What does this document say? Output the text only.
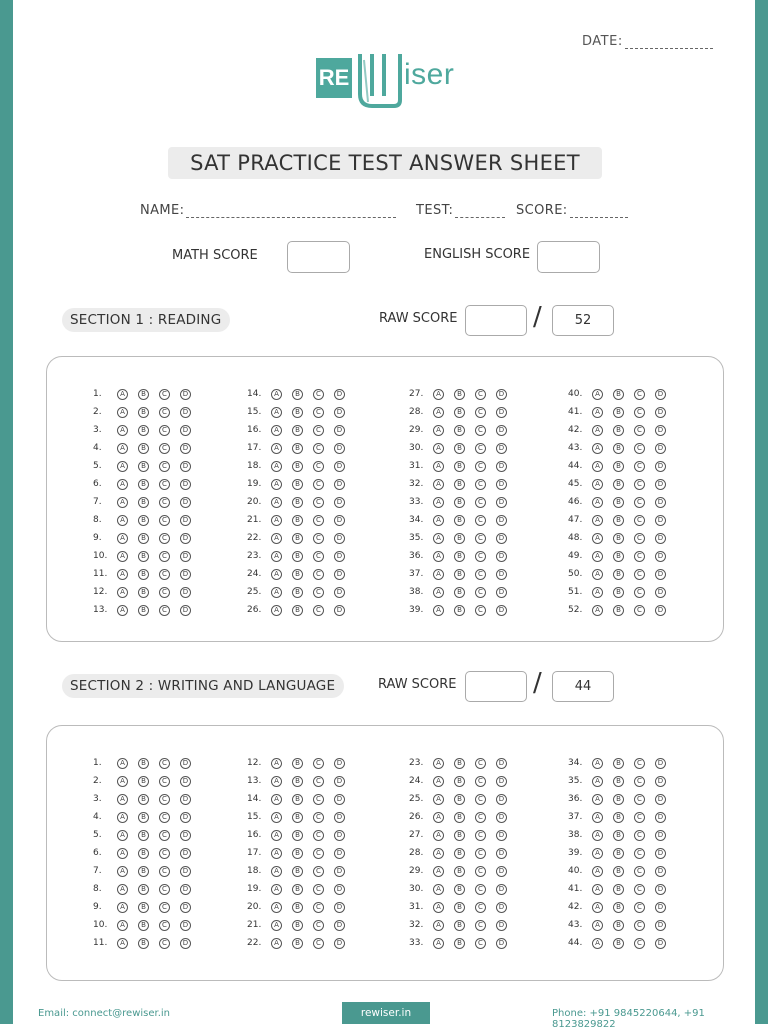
DATE:
RE iser
SAT PRACTICE TEST ANSWER SHEET
NAME:	TEST:	SCORE:
MATH SCORE	ENGLISH SCORE
SECTION 1 : READING	RAW SCORE	/	52
1.	A	B	C	D
2.	A	B	C	D
3.	A	B	C	D
4.	A	B	C	D
5.	A	B	C	D
6.	A	B	C	D
7.	A	B	C	D
8.	A	B	C	D
9.	A	B	C	D
10.	A	B	C	D
11.	A	B	C	D
12.	A	B	C	D
13.	A	B	C	D
14.	A	B	C	D
15.	A	B	C	D
16.	A	B	C	D
17.	A	B	C	D
18.	A	B	C	D
19.	A	B	C	D
20.	A	B	C	D
21.	A	B	C	D
22.	A	B	C	D
23.	A	B	C	D
24.	A	B	C	D
25.	A	B	C	D
26.	A	B	C	D
27.	A	B	C	D
28.	A	B	C	D
29.	A	B	C	D
30.	A	B	C	D
31.	A	B	C	D
32.	A	B	C	D
33.	A	B	C	D
34.	A	B	C	D
35.	A	B	C	D
36.	A	B	C	D
37.	A	B	C	D
38.	A	B	C	D
39.	A	B	C	D
40.	A	B	C	D
41.	A	B	C	D
42.	A	B	C	D
43.	A	B	C	D
44.	A	B	C	D
45.	A	B	C	D
46.	A	B	C	D
47.	A	B	C	D
48.	A	B	C	D
49.	A	B	C	D
50.	A	B	C	D
51.	A	B	C	D
52.	A	B	C	D
SECTION 2 : WRITING AND LANGUAGE	RAW SCORE	/	44
1.	A	B	C	D
2.	A	B	C	D
3.	A	B	C	D
4.	A	B	C	D
5.	A	B	C	D
6.	A	B	C	D
7.	A	B	C	D
8.	A	B	C	D
9.	A	B	C	D
10.	A	B	C	D
11.	A	B	C	D
12.	A	B	C	D
13.	A	B	C	D
14.	A	B	C	D
15.	A	B	C	D
16.	A	B	C	D
17.	A	B	C	D
18.	A	B	C	D
19.	A	B	C	D
20.	A	B	C	D
21.	A	B	C	D
22.	A	B	C	D
23.	A	B	C	D
24.	A	B	C	D
25.	A	B	C	D
26.	A	B	C	D
27.	A	B	C	D
28.	A	B	C	D
29.	A	B	C	D
30.	A	B	C	D
31.	A	B	C	D
32.	A	B	C	D
33.	A	B	C	D
34.	A	B	C	D
35.	A	B	C	D
36.	A	B	C	D
37.	A	B	C	D
38.	A	B	C	D
39.	A	B	C	D
40.	A	B	C	D
41.	A	B	C	D
42.	A	B	C	D
43.	A	B	C	D
44.	A	B	C	D
Email: connect@rewiser.in	rewiser.in	Phone: +91 9845220644, +91 8123829822
